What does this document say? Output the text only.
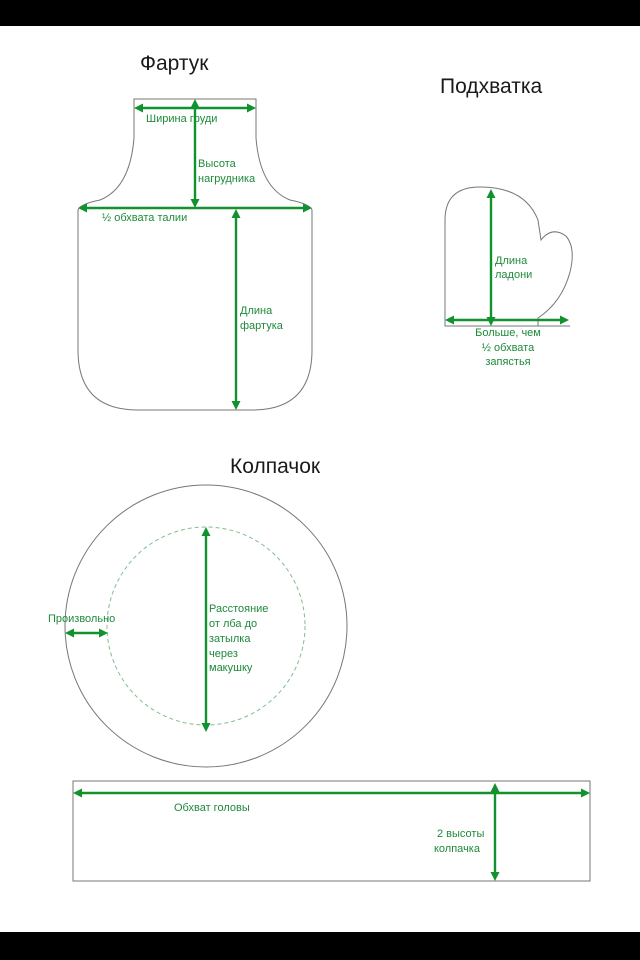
Фартук
Ширина груди
Высота
нагрудника
½ обхвата талии
Длина
фартука
Подхватка
Длина
ладони
Больше, чем
½ обхвата
запястья
Колпачок
Расстояние
от лба до
затылка
через
макушку
Произвольно
Обхват головы
2 высоты
колпачка
